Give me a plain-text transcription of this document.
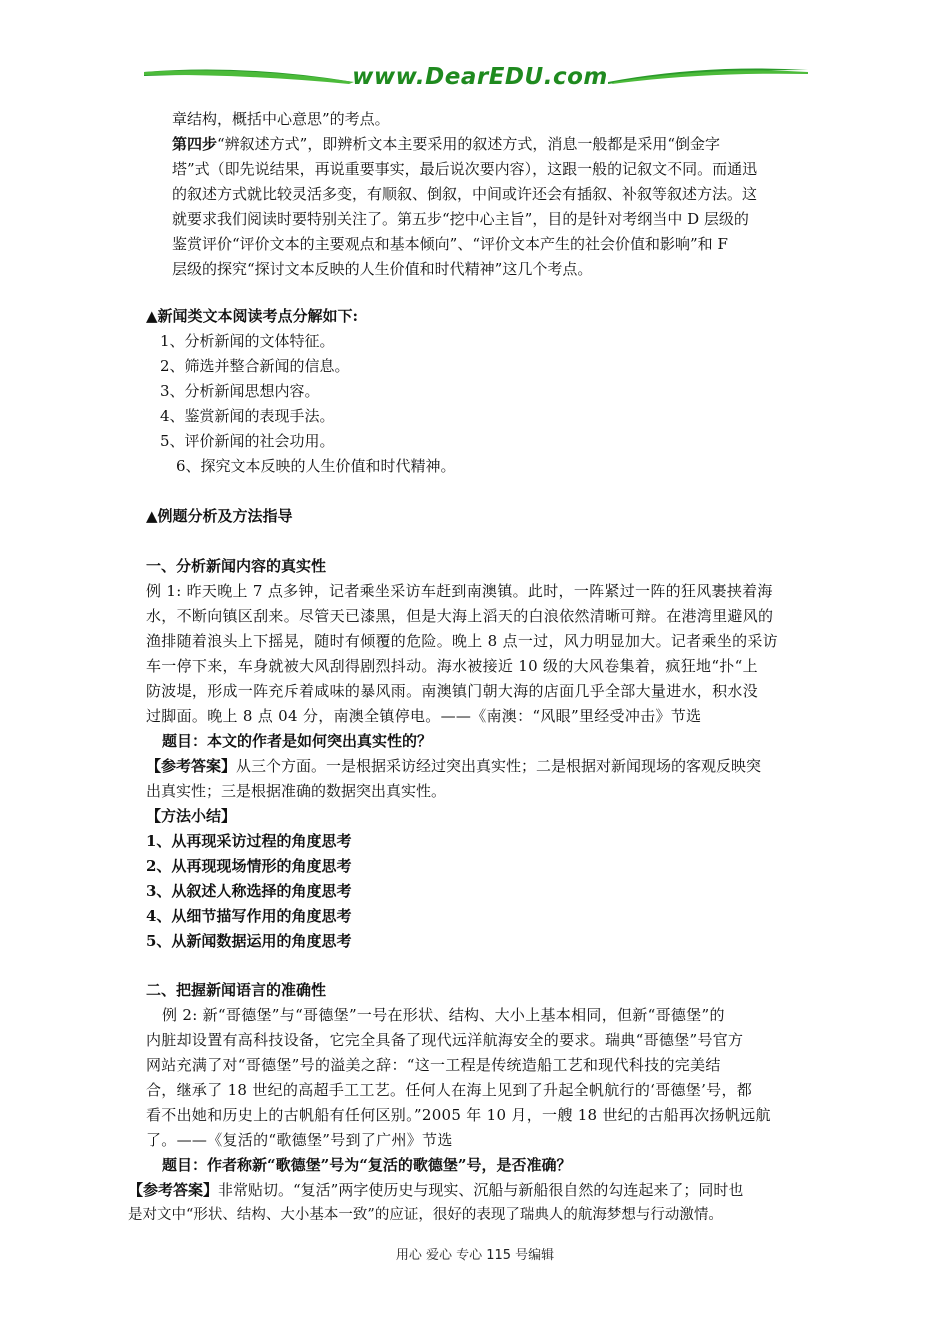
www.DearEDU.com

章结构，概括中心意思”的考点。

第四步“辨叙述方式”，即辨析文本主要采用的叙述方式，消息一般都是采用“倒金字

塔”式（即先说结果，再说重要事实，最后说次要内容），这跟一般的记叙文不同。而通迅

的叙述方式就比较灵活多变，有顺叙、倒叙，中间或许还会有插叙、补叙等叙述方法。这

就要求我们阅读时要特别关注了。第五步“挖中心主旨”，目的是针对考纲当中 D 层级的

鉴赏评价“评价文本的主要观点和基本倾向”、“评价文本产生的社会价值和影响”和 F

层级的探究“探讨文本反映的人生价值和时代精神”这几个考点。

▲新闻类文本阅读考点分解如下:

1、分析新闻的文体特征。

2、筛选并整合新闻的信息。

3、分析新闻思想内容。

4、鉴赏新闻的表现手法。

5、评价新闻的社会功用。

6、探究文本反映的人生价值和时代精神。

▲例题分析及方法指导

一、分析新闻内容的真实性

例 1: 昨天晚上 7 点多钟，记者乘坐采访车赶到南澳镇。此时，一阵紧过一阵的狂风裹挟着海

水，不断向镇区刮来。尽管天已漆黑，但是大海上滔天的白浪依然清晰可辩。在港湾里避风的

渔排随着浪头上下摇晃，随时有倾覆的危险。晚上 8 点一过，风力明显加大。记者乘坐的采访

车一停下来，车身就被大风刮得剧烈抖动。海水被接近 10 级的大风卷集着，疯狂地“扑“上

防波堤，形成一阵充斥着咸味的暴风雨。南澳镇门朝大海的店面几乎全部大量进水，积水没

过脚面。晚上 8 点 04 分，南澳全镇停电。——《南澳：“风眼”里经受冲击》节选

题目：本文的作者是如何突出真实性的？

【参考答案】从三个方面。一是根据采访经过突出真实性；二是根据对新闻现场的客观反映突

出真实性；三是根据准确的数据突出真实性。

【方法小结】

1、从再现采访过程的角度思考

2、从再现现场情形的角度思考

3、从叙述人称选择的角度思考

4、从细节描写作用的角度思考

5、从新闻数据运用的角度思考

二、把握新闻语言的准确性

例 2: 新“哥德堡”与“哥德堡”一号在形状、结构、大小上基本相同，但新“哥德堡”的

内脏却设置有高科技设备，它完全具备了现代远洋航海安全的要求。瑞典“哥德堡”号官方

网站充满了对“哥德堡”号的溢美之辞：“这一工程是传统造船工艺和现代科技的完美结

合，继承了 18 世纪的高超手工工艺。任何人在海上见到了升起全帆航行的‘哥德堡’号，都

看不出她和历史上的古帆船有任何区别。”2005 年 10 月，一艘 18 世纪的古船再次扬帆远航

了。——《复活的“歌德堡”号到了广州》节选

题目：作者称新“歌德堡”号为“复活的歌德堡”号，是否准确？

【参考答案】非常贴切。“复活”两字使历史与现实、沉船与新船很自然的勾连起来了；同时也

是对文中“形状、结构、大小基本一致”的应证，很好的表现了瑞典人的航海梦想与行动激情。

用心 爱心 专心 115 号编辑
